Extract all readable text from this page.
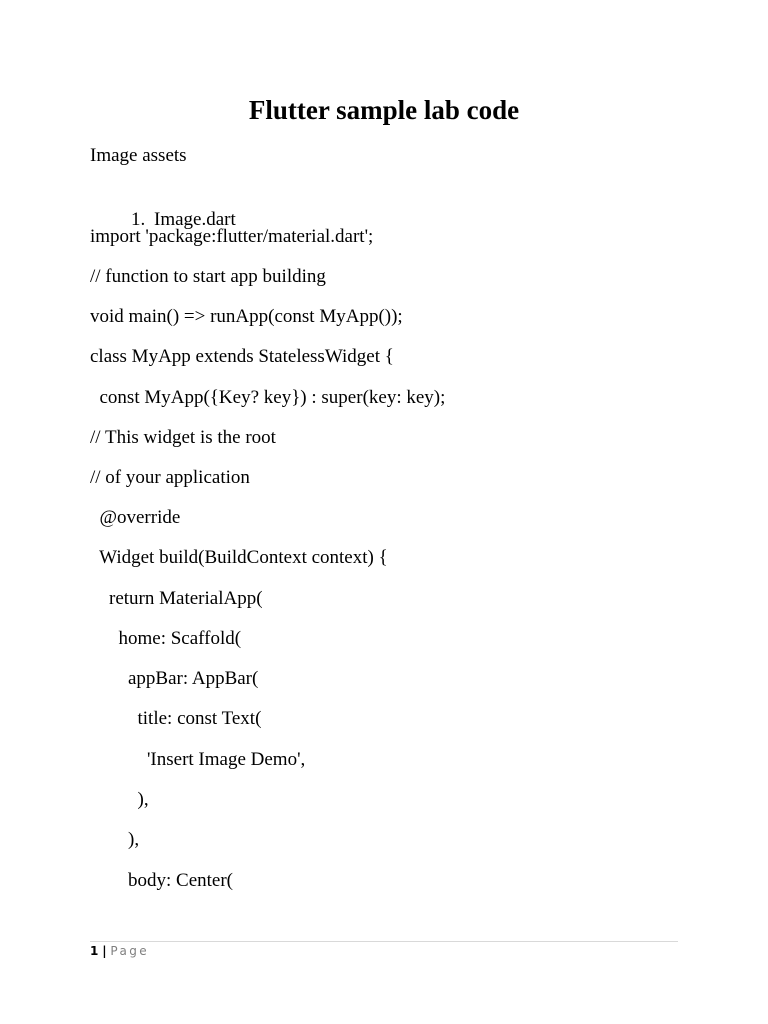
Flutter sample lab code
Image assets

1. Image.dart

import 'package:flutter/material.dart';
// function to start app building
void main() => runApp(const MyApp());
class MyApp extends StatelessWidget {
const MyApp({Key? key}) : super(key: key);
// This widget is the root
// of your application
@override
Widget build(BuildContext context) {
return MaterialApp(
home: Scaffold(
appBar: AppBar(
title: const Text(
'Insert Image Demo',
),
),
body: Center(
1 | Page
